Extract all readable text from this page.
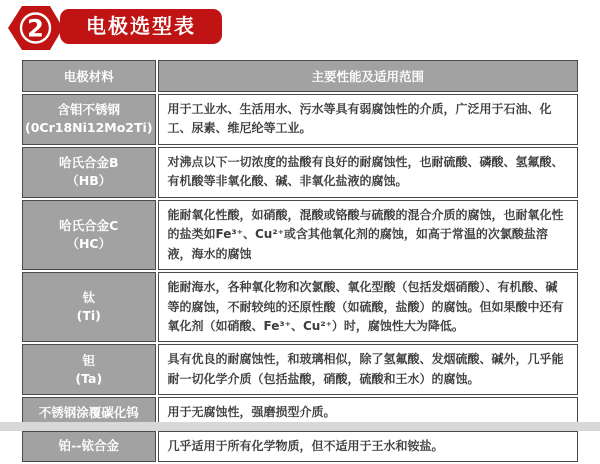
2	电极选型表
电极材料	主要性能及适用范围
含钼不锈钢
(0Cr18Ni12Mo2Ti)	用于工业水、生活用水、污水等具有弱腐蚀性的介质，广泛用于石油、化工、尿素、维尼纶等工业。
哈氏合金B
（HB）	对沸点以下一切浓度的盐酸有良好的耐腐蚀性，也耐硫酸、磷酸、氢氟酸、有机酸等非氧化酸、碱、非氧化盐液的腐蚀。
哈氏合金C
（HC）	能耐氧化性酸，如硝酸，混酸或铬酸与硫酸的混合介质的腐蚀，也耐氧化性的盐类如Fe³⁺、Cu²⁺或含其他氧化剂的腐蚀，如高于常温的次氯酸盐溶液，海水的腐蚀
钛
(Ti)	能耐海水，各种氧化物和次氯酸、氧化型酸（包括发烟硝酸）、有机酸、碱等的腐蚀，不耐较纯的还原性酸（如硫酸，盐酸）的腐蚀。但如果酸中还有氧化剂（如硝酸、Fe³⁺、Cu²⁺）时，腐蚀性大为降低。
钽
(Ta)	具有优良的耐腐蚀性，和玻璃相似，除了氢氟酸、发烟硫酸、碱外，几乎能耐一切化学介质（包括盐酸，硝酸，硫酸和王水）的腐蚀。
不锈钢涂覆碳化钨	用于无腐蚀性，强磨损型介质。
铂--铱合金	几乎适用于所有化学物质，但不适用于王水和铵盐。
